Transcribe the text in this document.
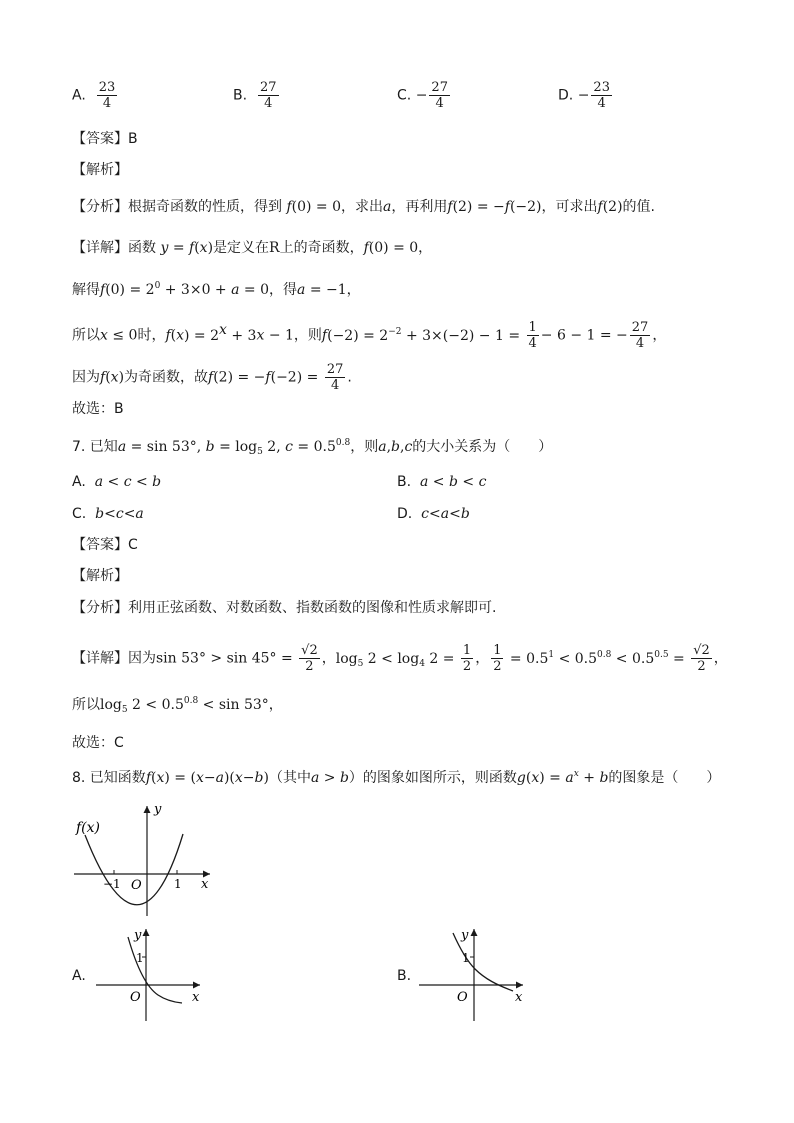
A. $\frac{23}{4}$	B. $\frac{27}{4}$	C. − $\frac{27}{4}$	D. − $\frac{23}{4}$
【答案】B
【解析】
【分析】根据奇函数的性质，得到 f(0) = 0，求出a，再利用f(2) = −f(−2)，可求出f(2)的值.
【详解】函数 y = f(x)是定义在R上的奇函数，f(0) = 0，
解得$f(0) = 2^0 + 3\times 0 + a = 0$，得a = −1，
所以x ≤ 0时，$f(x) = 2^x + 3x - 1$，则$f(-2) = 2^{-2} + 3\times(-2) - 1 = \frac{1}{4} - 6 - 1$ = − $\frac{27}{4}$ ，
因为f(x)为奇函数，故$f(2) = -f(-2) = \frac{27}{4}$ .
故选：B
7. 已知a = sin 53°, $b = \log_5 2$, $c = 0.5^{0.8}$，则a,b,c的大小关系为（　　）
A. a < c < b	B. a < b < c
C. b<c<a	D. c<a<b
【答案】C
【解析】
【分析】利用正弦函数、对数函数、指数函数的图像和性质求解即可.
【详解】因为$\sin 53^\circ > \sin 45^\circ = \frac{√2}{2}$ ，$\log_5 2 < \log_4 2 = \frac{1}{2}$ ， $\frac{1}{2} = 0.5^1 < 0.5^{0.8} < 0.5^{0.5} = \frac{√2}{2}$ ，
所以$\log_5 2 < 0.5^{0.8} < \sin 53^\circ$，
故选：C
8. 已知函数f(x) = (x−a)(x−b)（其中a > b）的图象如图所示，则函数$g(x) = a^x + b$的图象是（　　）
f(x)
y
x
O
−1	1
A.
y
1
x
O
B.
y
1
x
O
